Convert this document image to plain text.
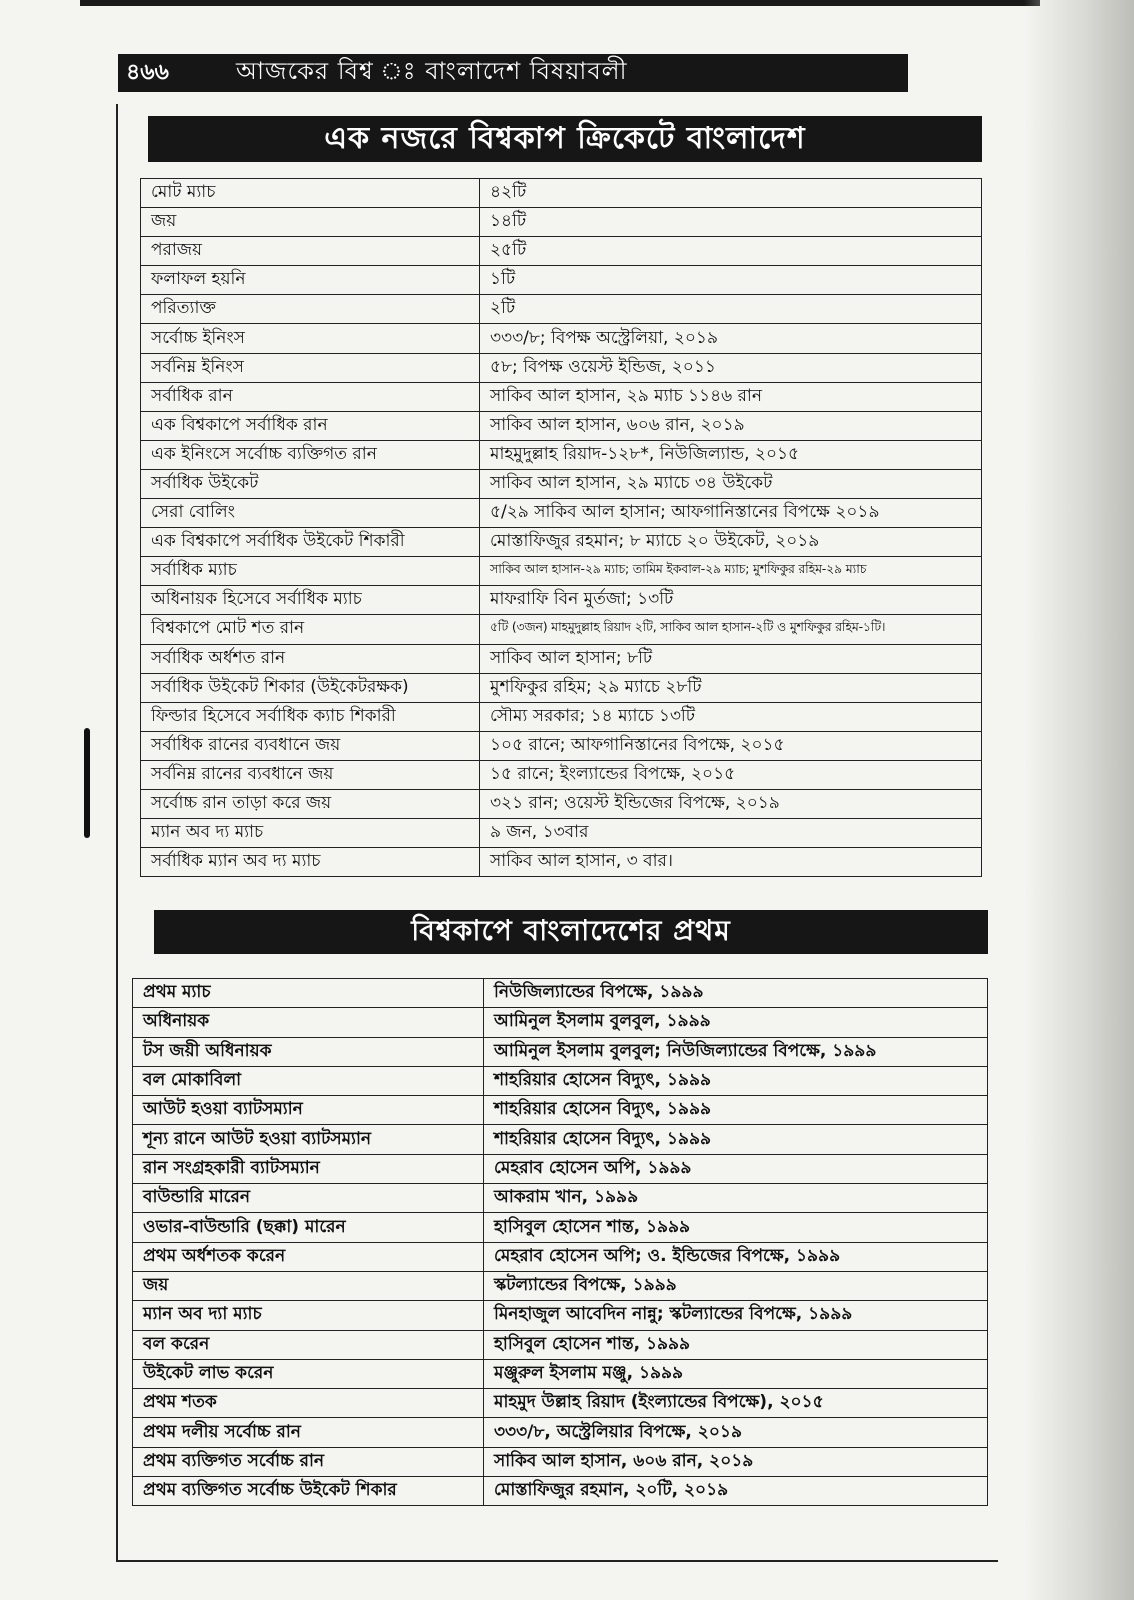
৪৬৬	আজকের বিশ্ব ঃ বাংলাদেশ বিষয়াবলী
এক নজরে বিশ্বকাপ ক্রিকেটে বাংলাদেশ
মোট ম্যাচ	৪২টি
জয়	১৪টি
পরাজয়	২৫টি
ফলাফল হয়নি	১টি
পরিত্যাক্ত	২টি
সর্বোচ্চ ইনিংস	৩৩৩/৮; বিপক্ষ অস্ট্রেলিয়া, ২০১৯
সর্বনিম্ন ইনিংস	৫৮; বিপক্ষ ওয়েস্ট ইন্ডিজ, ২০১১
সর্বাধিক রান	সাকিব আল হাসান, ২৯ ম্যাচ ১১৪৬ রান
এক বিশ্বকাপে সর্বাধিক রান	সাকিব আল হাসান, ৬০৬ রান, ২০১৯
এক ইনিংসে সর্বোচ্চ ব্যক্তিগত রান	মাহমুদুল্লাহ রিয়াদ-১২৮*, নিউজিল্যান্ড, ২০১৫
সর্বাধিক উইকেট	সাকিব আল হাসান, ২৯ ম্যাচে ৩৪ উইকেট
সেরা বোলিং	৫/২৯ সাকিব আল হাসান; আফগানিস্তানের বিপক্ষে ২০১৯
এক বিশ্বকাপে সর্বাধিক উইকেট শিকারী	মোস্তাফিজুর রহমান; ৮ ম্যাচে ২০ উইকেট, ২০১৯
সর্বাধিক ম্যাচ	সাকিব আল হাসান-২৯ ম্যাচ; তামিম ইকবাল-২৯ ম্যাচ; মুশফিকুর রহিম-২৯ ম্যাচ
অধিনায়ক হিসেবে সর্বাধিক ম্যাচ	মাফরাফি বিন মুর্তজা; ১৩টি
বিশ্বকাপে মোট শত রান	৫টি (৩জন) মাহমুদুল্লাহ রিয়াদ ২টি, সাকিব আল হাসান-২টি ও মুশফিকুর রহিম-১টি।
সর্বাধিক অর্ধশত রান	সাকিব আল হাসান; ৮টি
সর্বাধিক উইকেট শিকার (উইকেটরক্ষক)	মুশফিকুর রহিম; ২৯ ম্যাচে ২৮টি
ফিল্ডার হিসেবে সর্বাধিক ক্যাচ শিকারী	সৌম্য সরকার; ১৪ ম্যাচে ১৩টি
সর্বাধিক রানের ব্যবধানে জয়	১০৫ রানে; আফগানিস্তানের বিপক্ষে, ২০১৫
সর্বনিম্ন রানের ব্যবধানে জয়	১৫ রানে; ইংল্যান্ডের বিপক্ষে, ২০১৫
সর্বোচ্চ রান তাড়া করে জয়	৩২১ রান; ওয়েস্ট ইন্ডিজের বিপক্ষে, ২০১৯
ম্যান অব দ্য ম্যাচ	৯ জন, ১৩বার
সর্বাধিক ম্যান অব দ্য ম্যাচ	সাকিব আল হাসান, ৩ বার।
বিশ্বকাপে বাংলাদেশের প্রথম
প্রথম ম্যাচ	নিউজিল্যান্ডের বিপক্ষে, ১৯৯৯
অধিনায়ক	আমিনুল ইসলাম বুলবুল, ১৯৯৯
টস জয়ী অধিনায়ক	আমিনুল ইসলাম বুলবুল; নিউজিল্যান্ডের বিপক্ষে, ১৯৯৯
বল মোকাবিলা	শাহরিয়ার হোসেন বিদ্যুৎ, ১৯৯৯
আউট হওয়া ব্যাটসম্যান	শাহরিয়ার হোসেন বিদ্যুৎ, ১৯৯৯
শূন্য রানে আউট হওয়া ব্যাটসম্যান	শাহরিয়ার হোসেন বিদ্যুৎ, ১৯৯৯
রান সংগ্রহকারী ব্যাটসম্যান	মেহরাব হোসেন অপি, ১৯৯৯
বাউন্ডারি মারেন	আকরাম খান, ১৯৯৯
ওভার-বাউন্ডারি (ছক্কা) মারেন	হাসিবুল হোসেন শান্ত, ১৯৯৯
প্রথম অর্ধশতক করেন	মেহরাব হোসেন অপি; ও. ইন্ডিজের বিপক্ষে, ১৯৯৯
জয়	স্কটল্যান্ডের বিপক্ষে, ১৯৯৯
ম্যান অব দ্যা ম্যাচ	মিনহাজুল আবেদিন নান্নু; স্কটল্যান্ডের বিপক্ষে, ১৯৯৯
বল করেন	হাসিবুল হোসেন শান্ত, ১৯৯৯
উইকেট লাভ করেন	মঞ্জুরুল ইসলাম মঞ্জু, ১৯৯৯
প্রথম শতক	মাহমুদ উল্লাহ রিয়াদ (ইংল্যান্ডের বিপক্ষে), ২০১৫
প্রথম দলীয় সর্বোচ্চ রান	৩৩৩/৮, অস্ট্রেলিয়ার বিপক্ষে, ২০১৯
প্রথম ব্যক্তিগত সর্বোচ্চ রান	সাকিব আল হাসান, ৬০৬ রান, ২০১৯
প্রথম ব্যক্তিগত সর্বোচ্চ উইকেট শিকার	মোস্তাফিজুর রহমান, ২০টি, ২০১৯
